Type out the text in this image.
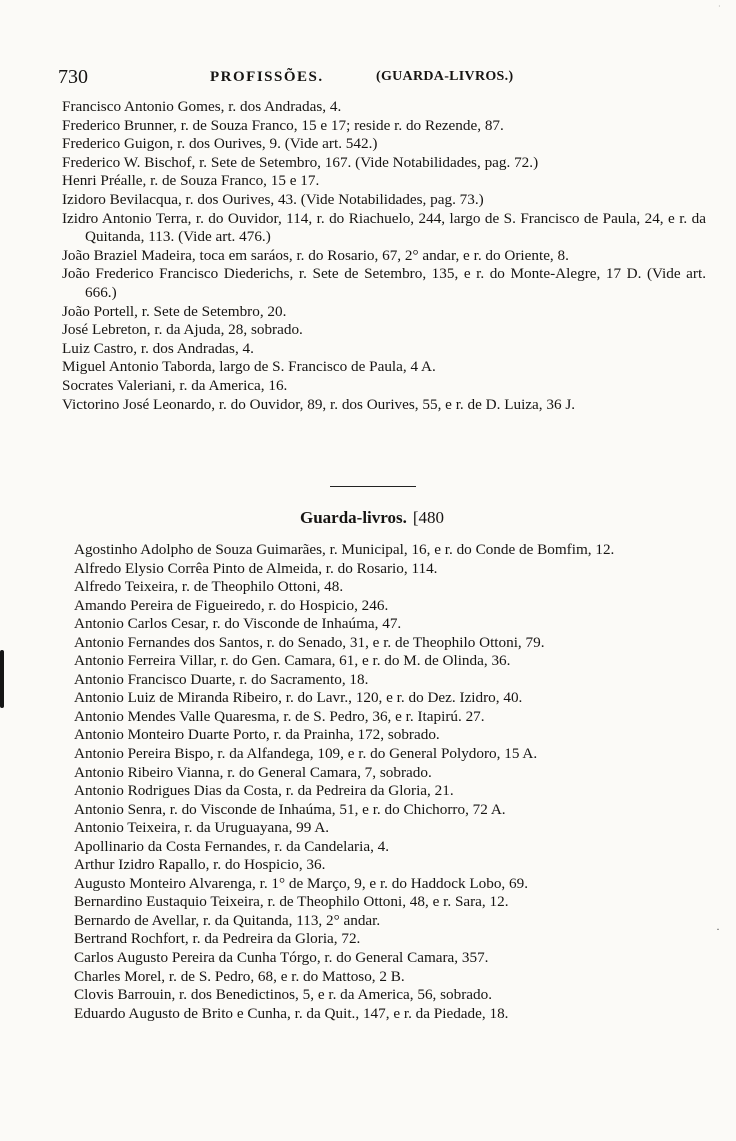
730	PROFISSÕES.	(GUARDA-LIVROS.)

Francisco Antonio Gomes, r. dos Andradas, 4.

Frederico Brunner, r. de Souza Franco, 15 e 17; reside r. do Rezende, 87.

Frederico Guigon, r. dos Ourives, 9. (Vide art. 542.)

Frederico W. Bischof, r. Sete de Setembro, 167. (Vide Notabilidades, pag. 72.)

Henri Préalle, r. de Souza Franco, 15 e 17.

Izidoro Bevilacqua, r. dos Ourives, 43. (Vide Notabilidades, pag. 73.)

Izidro Antonio Terra, r. do Ouvidor, 114, r. do Riachuelo, 244, largo de S. Francisco de Paula, 24, e r. da Quitanda, 113. (Vide art. 476.)

João Braziel Madeira, toca em saráos, r. do Rosario, 67, 2° andar, e r. do Oriente, 8.

João Frederico Francisco Diederichs, r. Sete de Setembro, 135, e r. do Monte-Alegre, 17 D. (Vide art. 666.)

João Portell, r. Sete de Setembro, 20.

José Lebreton, r. da Ajuda, 28, sobrado.

Luiz Castro, r. dos Andradas, 4.

Miguel Antonio Taborda, largo de S. Francisco de Paula, 4 A.

Socrates Valeriani, r. da America, 16.

Victorino José Leonardo, r. do Ouvidor, 89, r. dos Ourives, 55, e r. de D. Luiza, 36 J.

Guarda-livros. [480

Agostinho Adolpho de Souza Guimarães, r. Municipal, 16, e r. do Conde de Bomfim, 12.

Alfredo Elysio Corrêa Pinto de Almeida, r. do Rosario, 114.

Alfredo Teixeira, r. de Theophilo Ottoni, 48.

Amando Pereira de Figueiredo, r. do Hospicio, 246.

Antonio Carlos Cesar, r. do Visconde de Inhaúma, 47.

Antonio Fernandes dos Santos, r. do Senado, 31, e r. de Theophilo Ottoni, 79.

Antonio Ferreira Villar, r. do Gen. Camara, 61, e r. do M. de Olinda, 36.

Antonio Francisco Duarte, r. do Sacramento, 18.

Antonio Luiz de Miranda Ribeiro, r. do Lavr., 120, e r. do Dez. Izidro, 40.

Antonio Mendes Valle Quaresma, r. de S. Pedro, 36, e r. Itapirú. 27.

Antonio Monteiro Duarte Porto, r. da Prainha, 172, sobrado.

Antonio Pereira Bispo, r. da Alfandega, 109, e r. do General Polydoro, 15 A.

Antonio Ribeiro Vianna, r. do General Camara, 7, sobrado.

Antonio Rodrigues Dias da Costa, r. da Pedreira da Gloria, 21.

Antonio Senra, r. do Visconde de Inhaúma, 51, e r. do Chichorro, 72 A.

Antonio Teixeira, r. da Uruguayana, 99 A.

Apollinario da Costa Fernandes, r. da Candelaria, 4.

Arthur Izidro Rapallo, r. do Hospicio, 36.

Augusto Monteiro Alvarenga, r. 1° de Março, 9, e r. do Haddock Lobo, 69.

Bernardino Eustaquio Teixeira, r. de Theophilo Ottoni, 48, e r. Sara, 12.

Bernardo de Avellar, r. da Quitanda, 113, 2° andar.

Bertrand Rochfort, r. da Pedreira da Gloria, 72.

Carlos Augusto Pereira da Cunha Tórgo, r. do General Camara, 357.

Charles Morel, r. de S. Pedro, 68, e r. do Mattoso, 2 B.

Clovis Barrouin, r. dos Benedictinos, 5, e r. da America, 56, sobrado.

Eduardo Augusto de Brito e Cunha, r. da Quit., 147, e r. da Piedade, 18.

·
·
